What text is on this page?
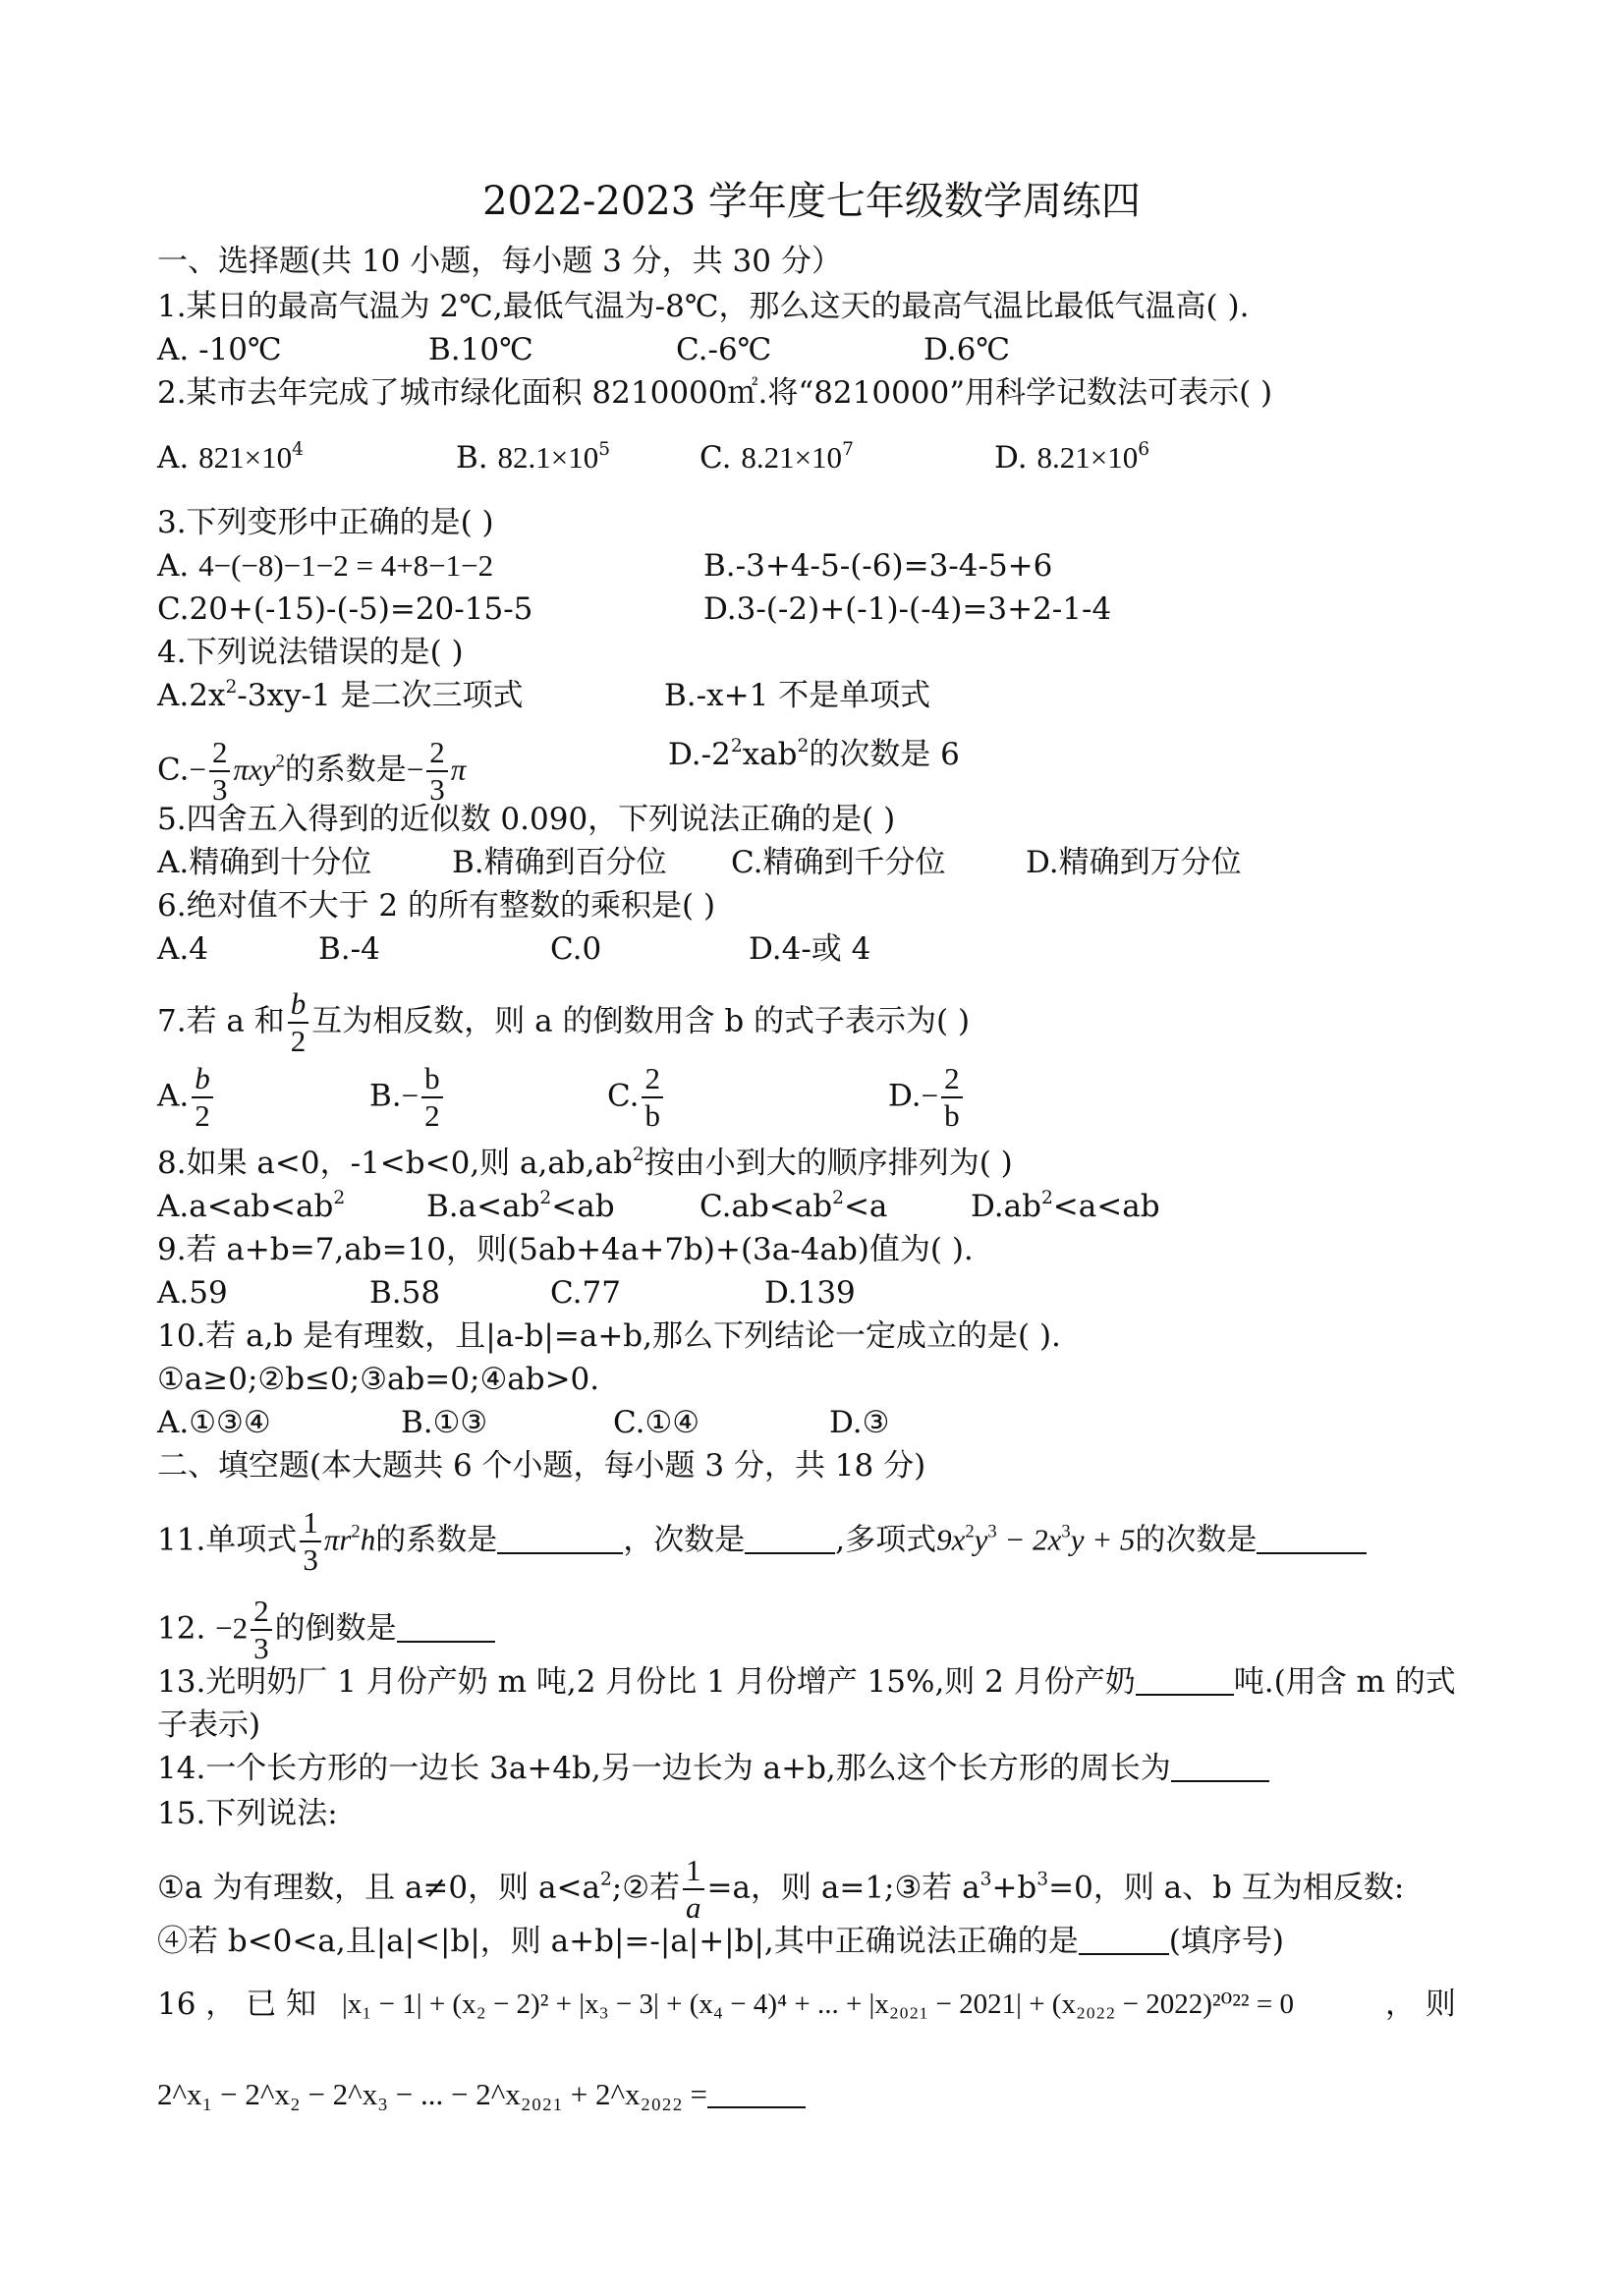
2022-2023 学年度七年级数学周练四
一、选择题(共 10 小题，每小题 3 分，共 30 分）
1.某日的最高气温为 2℃,最低气温为-8℃，那么这天的最高气温比最低气温高( ).
A. -10℃	B.10℃	C.-6℃	D.6℃
2.某市去年完成了城市绿化面积 8210000㎡.将“8210000”用科学记数法可表示( )
A. $821\times 10^4$	B. $82.1\times 10^5$	C. $8.21\times 10^7$	D. $8.21\times 10^6$
3.下列变形中正确的是( )
A. 4−(−8)−1−2 = 4+8−1−2	B.-3+4-5-(-6)=3-4-5+6
C.20+(-15)-(-5)=20-15-5	D.3-(-2)+(-1)-(-4)=3+2-1-4
4.下列说法错误的是( )
$A.2x^2-3xy-1$ 是二次三项式	B.-x+1 不是单项式
$C.- \frac{2}{3} \pi xy^2$的系数是− $\frac{2}{3}$ π	$D.-2^2xab^2$的次数是 6
5.四舍五入得到的近似数 0.090，下列说法正确的是( )
A.精确到十分位	B.精确到百分位 C.精确到千分位	D.精确到万分位
6.绝对值不大于 2 的所有整数的乘积是( )
A.4	B.-4	C.0	D.4-或 4
7.若 a 和 $\frac{b}{2}$ 互为相反数，则 a 的倒数用含 b 的式子表示为( )
A. $\frac{b}{2}$	$B.- \frac{b}{2}$	C. $\frac{2}{b}$	$D.- \frac{2}{b}$
8.如果 a<0，-1<b<0,则 $a,ab,ab^2$按由小到大的顺序排列为( )
$A.a<ab<ab^2$	$B.a<ab^2<ab$	$C.ab<ab^2<a$	$D.ab^2<a<ab$
9.若 a+b=7,ab=10，则(5ab+4a+7b)+(3a-4ab)值为( ).
A.59	B.58	C.77	D.139
10.若 a,b 是有理数，且|a-b|=a+b,那么下列结论一定成立的是( ).
①a≥0;②b≤0;③ab=0;④ab>0.
A.①③④	B.①③	C.①④	D.③
二、填空题(本大题共 6 个小题，每小题 3 分，共 18 分)
11.单项式 $\frac{1}{3} \pi r^2h$的系数是	，次数是	,多项式$9x^2y^3 - 2x^3y + 5$的次数是
12. $-2 \frac{2}{3}$ 的倒数是
13.光明奶厂 1 月份产奶 m 吨,2 月份比 1 月份增产 15%,则 2 月份产奶	吨.(用含 m 的式
子表示)
14.一个长方形的一边长 3a+4b,另一边长为 a+b,那么这个长方形的周长为
15.下列说法:
①a 为有理数，且 a≠0，则 $a<a^2;②$若 $\frac{1}{a} =a$，则 a=1;③若 $a^3+b^3=0$，则 a、b 互为相反数:
④若 b<0<a,且|a|<|b|，则 a+b|=-|a|+|b|,其中正确说法正确的是	(填序号)
16 ， 已 知 |x₁ − 1| + (x₂ − 2)² + |x₃ − 3| + (x₄ − 4)⁴ + ... + |x₂₀₂₁ − 2021| + (x₂₀₂₂ − 2022)²⁰²² = 0	， 则
2^x₁ − 2^x₂ − 2^x₃ − ... − 2^x₂₀₂₁ + 2^x₂₀₂₂ =
